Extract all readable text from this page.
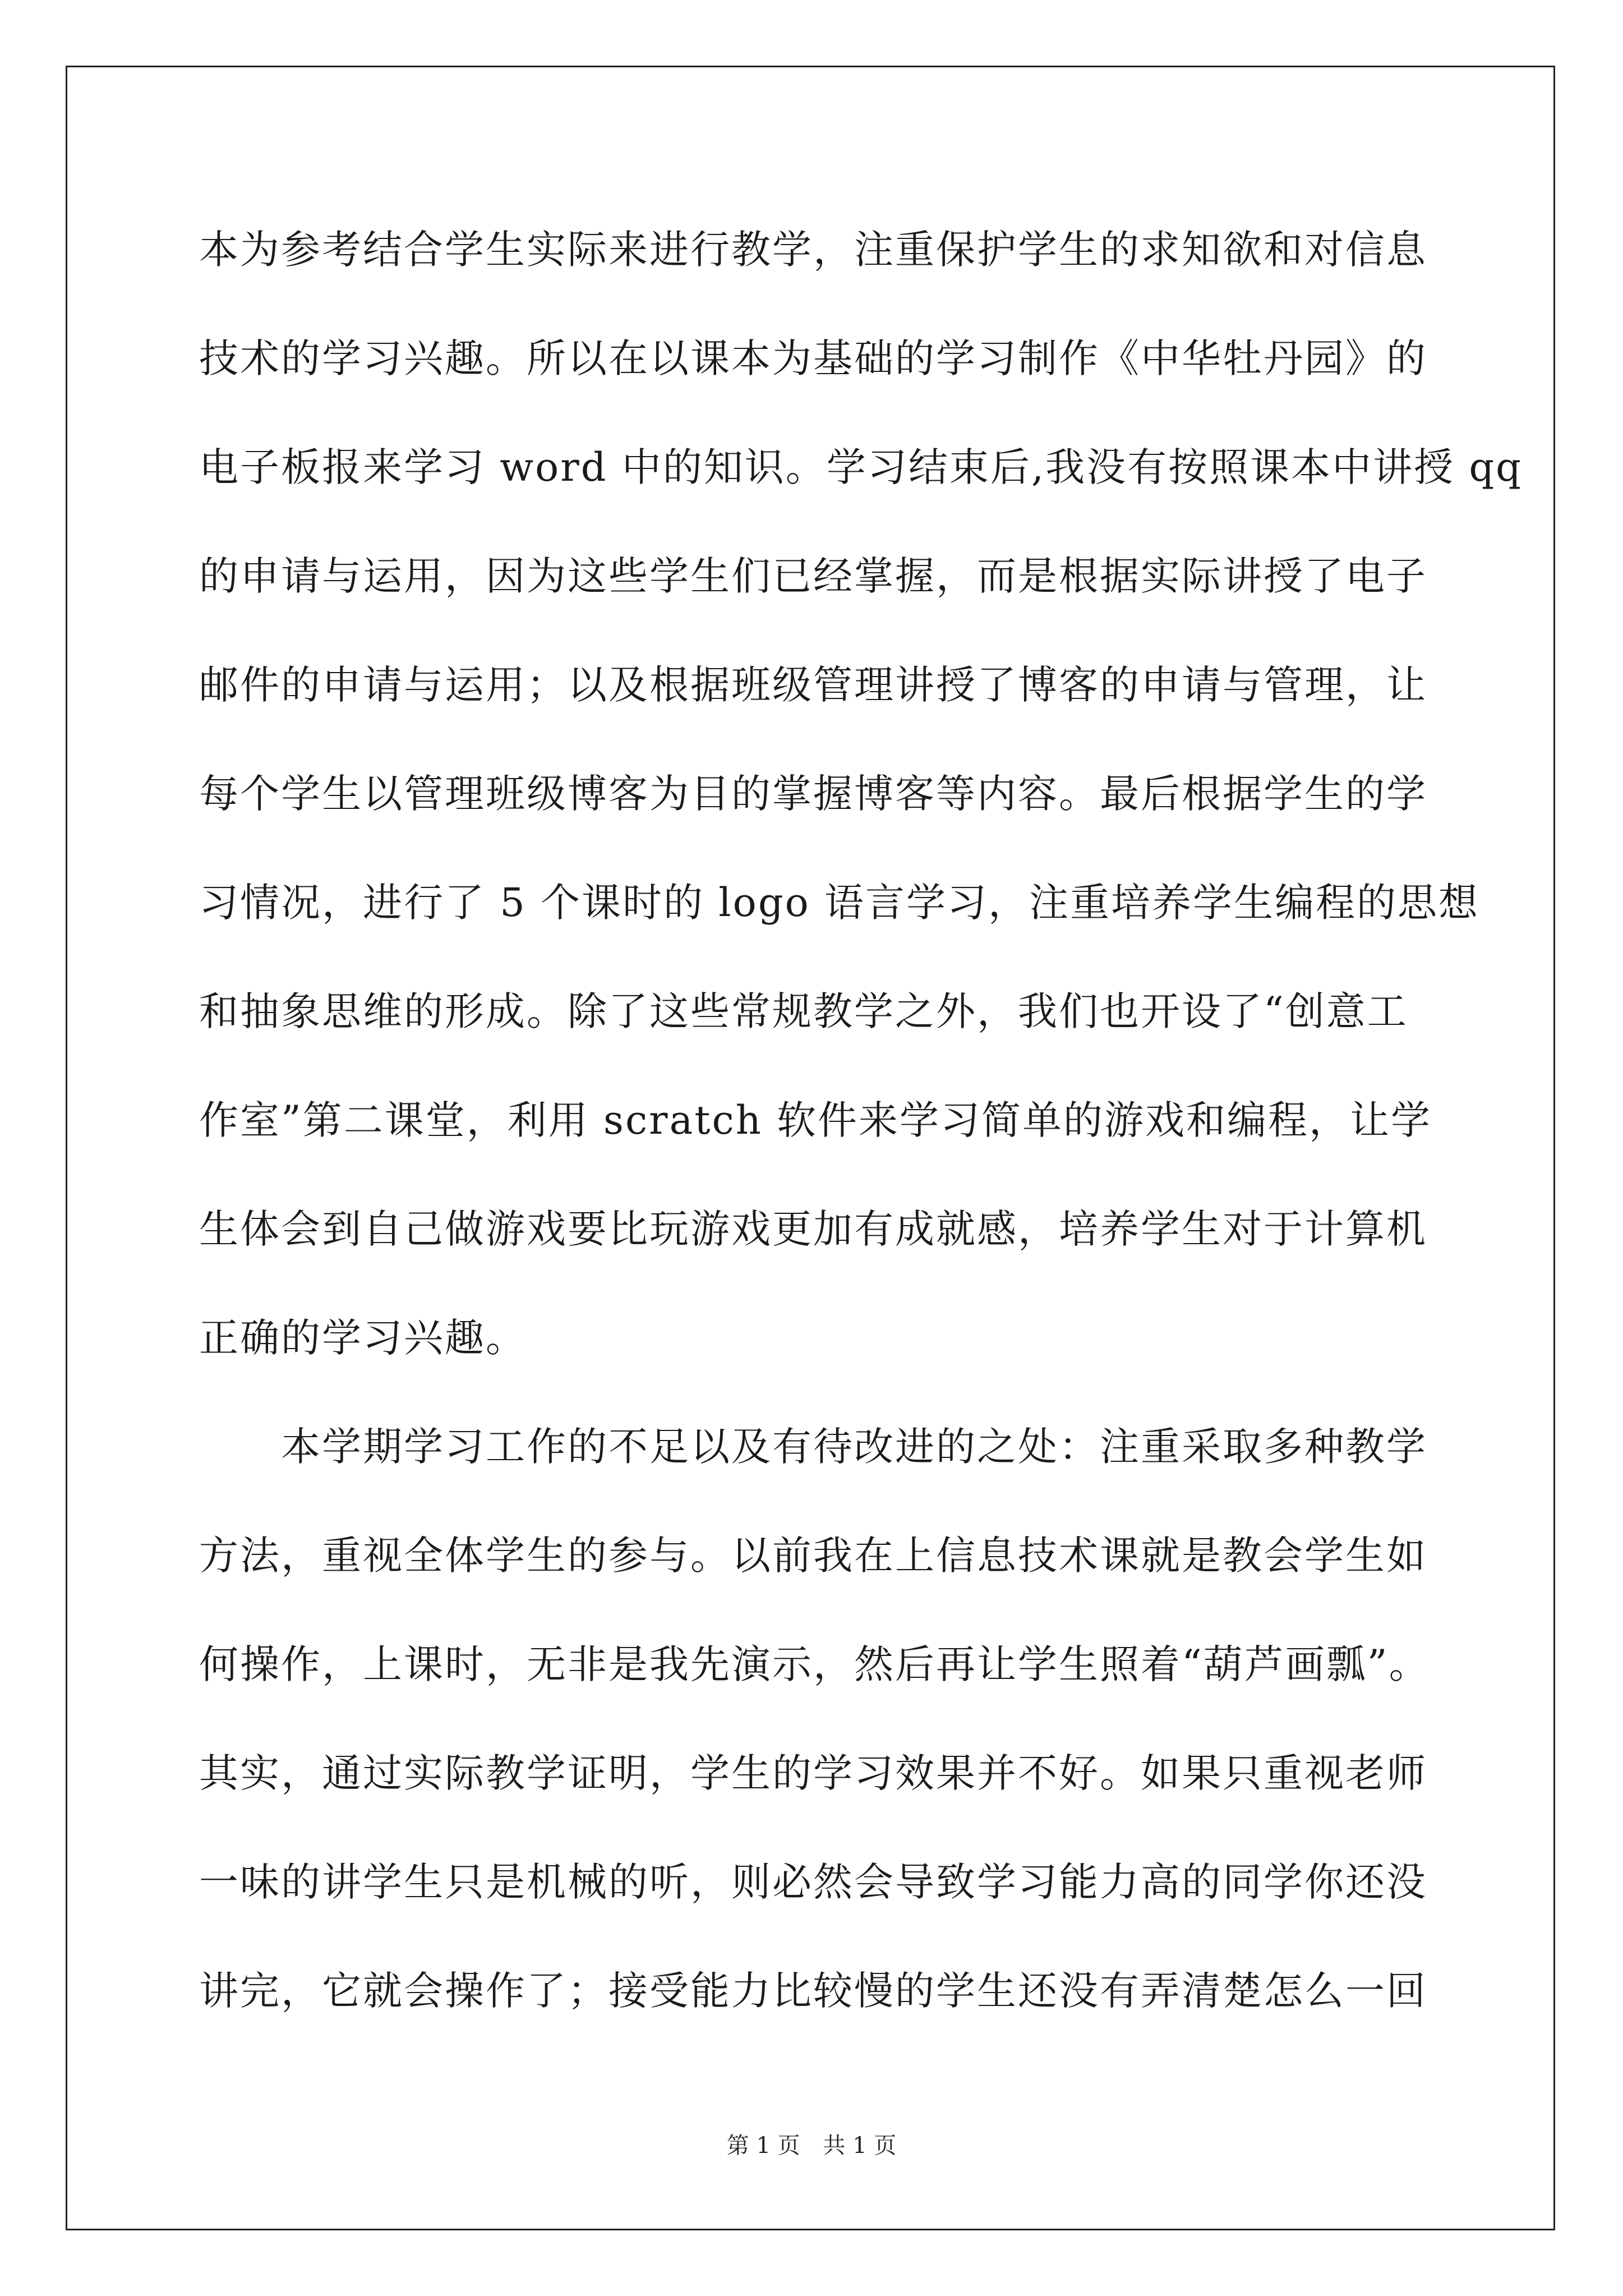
本为参考结合学生实际来进行教学，注重保护学生的求知欲和对信息
技术的学习兴趣。所以在以课本为基础的学习制作《中华牡丹园》的
电子板报来学习 word 中的知识。学习结束后,我没有按照课本中讲授 qq
的申请与运用，因为这些学生们已经掌握，而是根据实际讲授了电子
邮件的申请与运用；以及根据班级管理讲授了博客的申请与管理，让
每个学生以管理班级博客为目的掌握博客等内容。最后根据学生的学
习情况，进行了 5 个课时的 logo 语言学习，注重培养学生编程的思想
和抽象思维的形成。除了这些常规教学之外，我们也开设了“创意工
作室”第二课堂，利用 scratch 软件来学习简单的游戏和编程，让学
生体会到自己做游戏要比玩游戏更加有成就感，培养学生对于计算机
正确的学习兴趣。
本学期学习工作的不足以及有待改进的之处：注重采取多种教学
方法，重视全体学生的参与。以前我在上信息技术课就是教会学生如
何操作，上课时，无非是我先演示，然后再让学生照着“葫芦画瓢”。
其实，通过实际教学证明，学生的学习效果并不好。如果只重视老师
一味的讲学生只是机械的听，则必然会导致学习能力高的同学你还没
讲完，它就会操作了；接受能力比较慢的学生还没有弄清楚怎么一回
第 1 页 共 1 页
